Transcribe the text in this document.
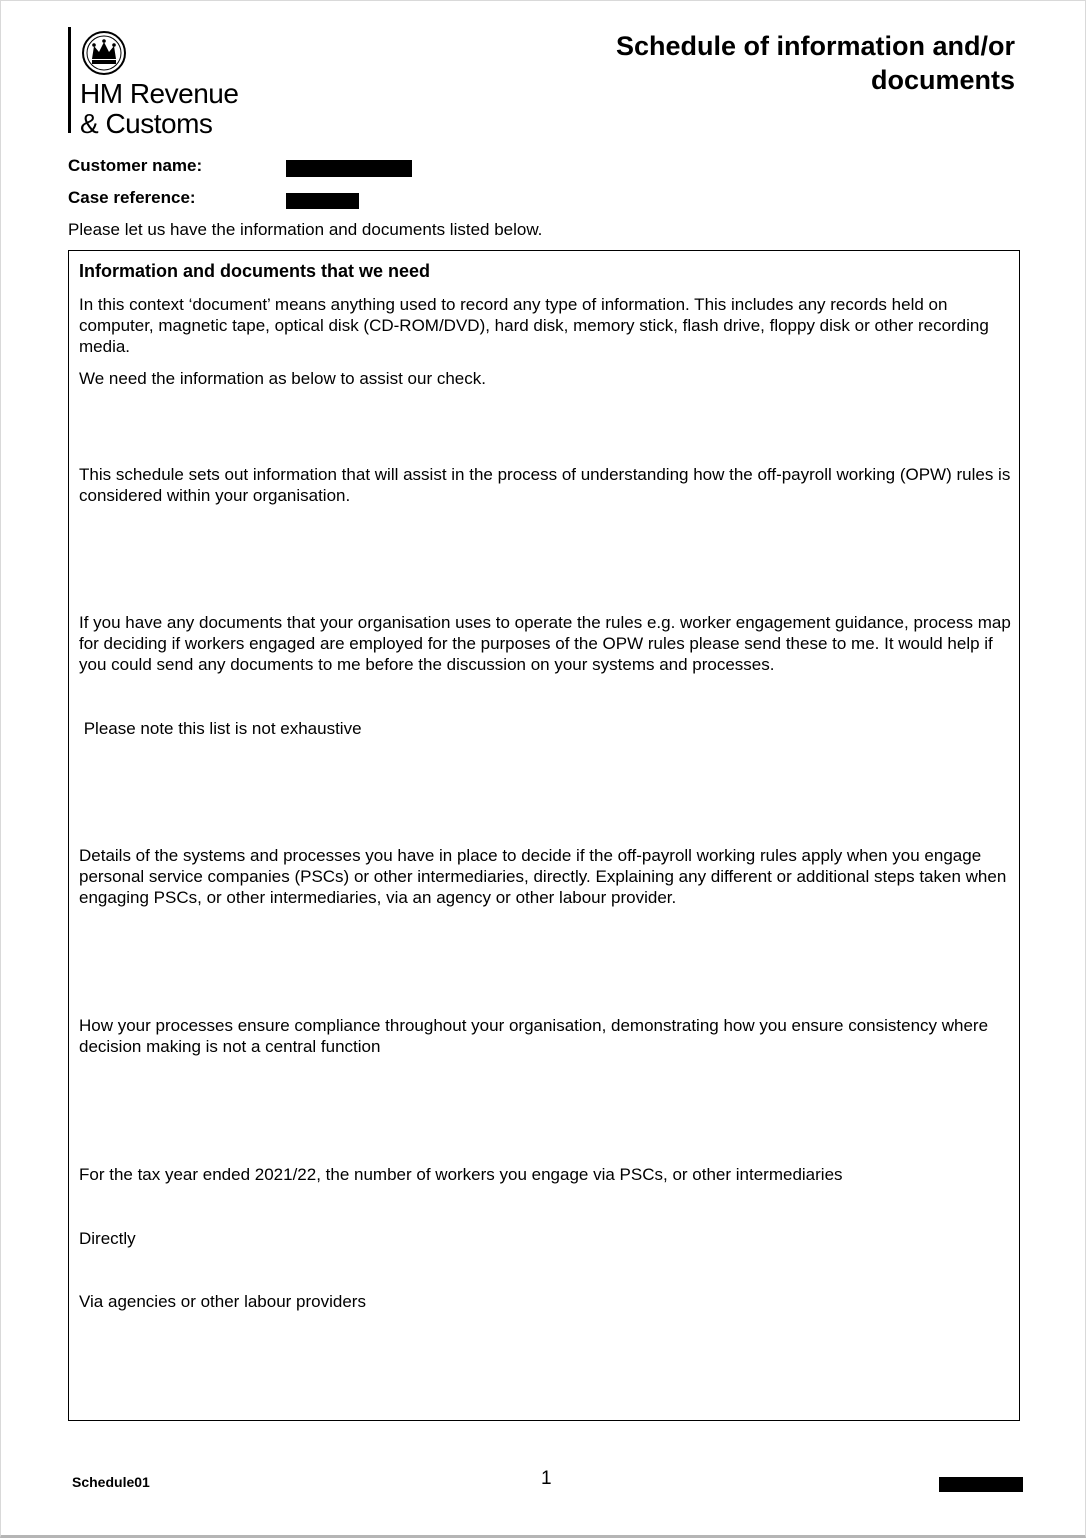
HM Revenue
& Customs
Schedule of information and/or documents
Customer name:
Case reference:
Please let us have the information and documents listed below.
Information and documents that we need
In this context ‘document’ means anything used to record any type of information. This includes any records held on computer, magnetic tape, optical disk (CD-ROM/DVD), hard disk, memory stick, flash drive, floppy disk or other recording media.
We need the information as below to assist our check.
This schedule sets out information that will assist in the process of understanding how the off-payroll working (OPW) rules is considered within your organisation.
If you have any documents that your organisation uses to operate the rules e.g. worker engagement guidance, process map for deciding if workers engaged are employed for the purposes of the OPW rules please send these to me. It would help if you could send any documents to me before the discussion on your systems and processes.
Please note this list is not exhaustive
Details of the systems and processes you have in place to decide if the off-payroll working rules apply when you engage personal service companies (PSCs) or other intermediaries, directly. Explaining any different or additional steps taken when engaging PSCs, or other intermediaries, via an agency or other labour provider.
How your processes ensure compliance throughout your organisation, demonstrating how you ensure consistency where decision making is not a central function
For the tax year ended 2021/22, the number of workers you engage via PSCs, or other intermediaries
Directly
Via agencies or other labour providers
Schedule01	1
